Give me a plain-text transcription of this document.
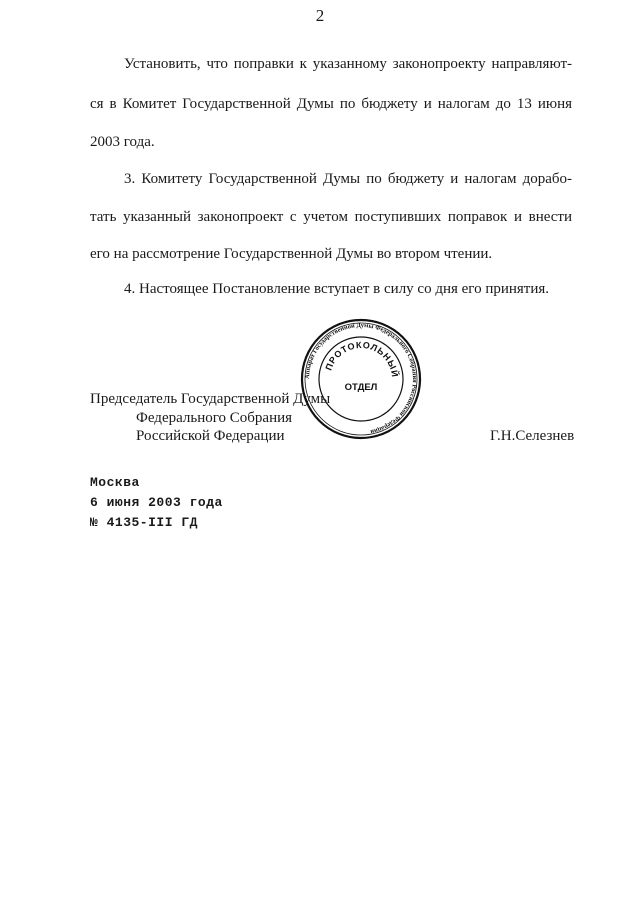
2
Установить, что поправки к указанному законопроекту направляют-
ся в Комитет Государственной Думы по бюджету и налогам до 13 июня
2003 года.
3. Комитету Государственной Думы по бюджету и налогам дорабо-
тать указанный законопроект с учетом поступивших поправок и внести
его на рассмотрение Государственной Думы во втором чтении.
4. Настоящее Постановление вступает в силу со дня его принятия.
Председатель Государственной Думы
Федерального Собрания
Российской Федерации	Г.Н.Селезнев
Аппарат Государственной Думы Федерального Собрания Российской Федерации
ПРОТОКОЛЬНЫЙ
ОТДЕЛ
Москва
6 июня 2003 года
№ 4135-III ГД
